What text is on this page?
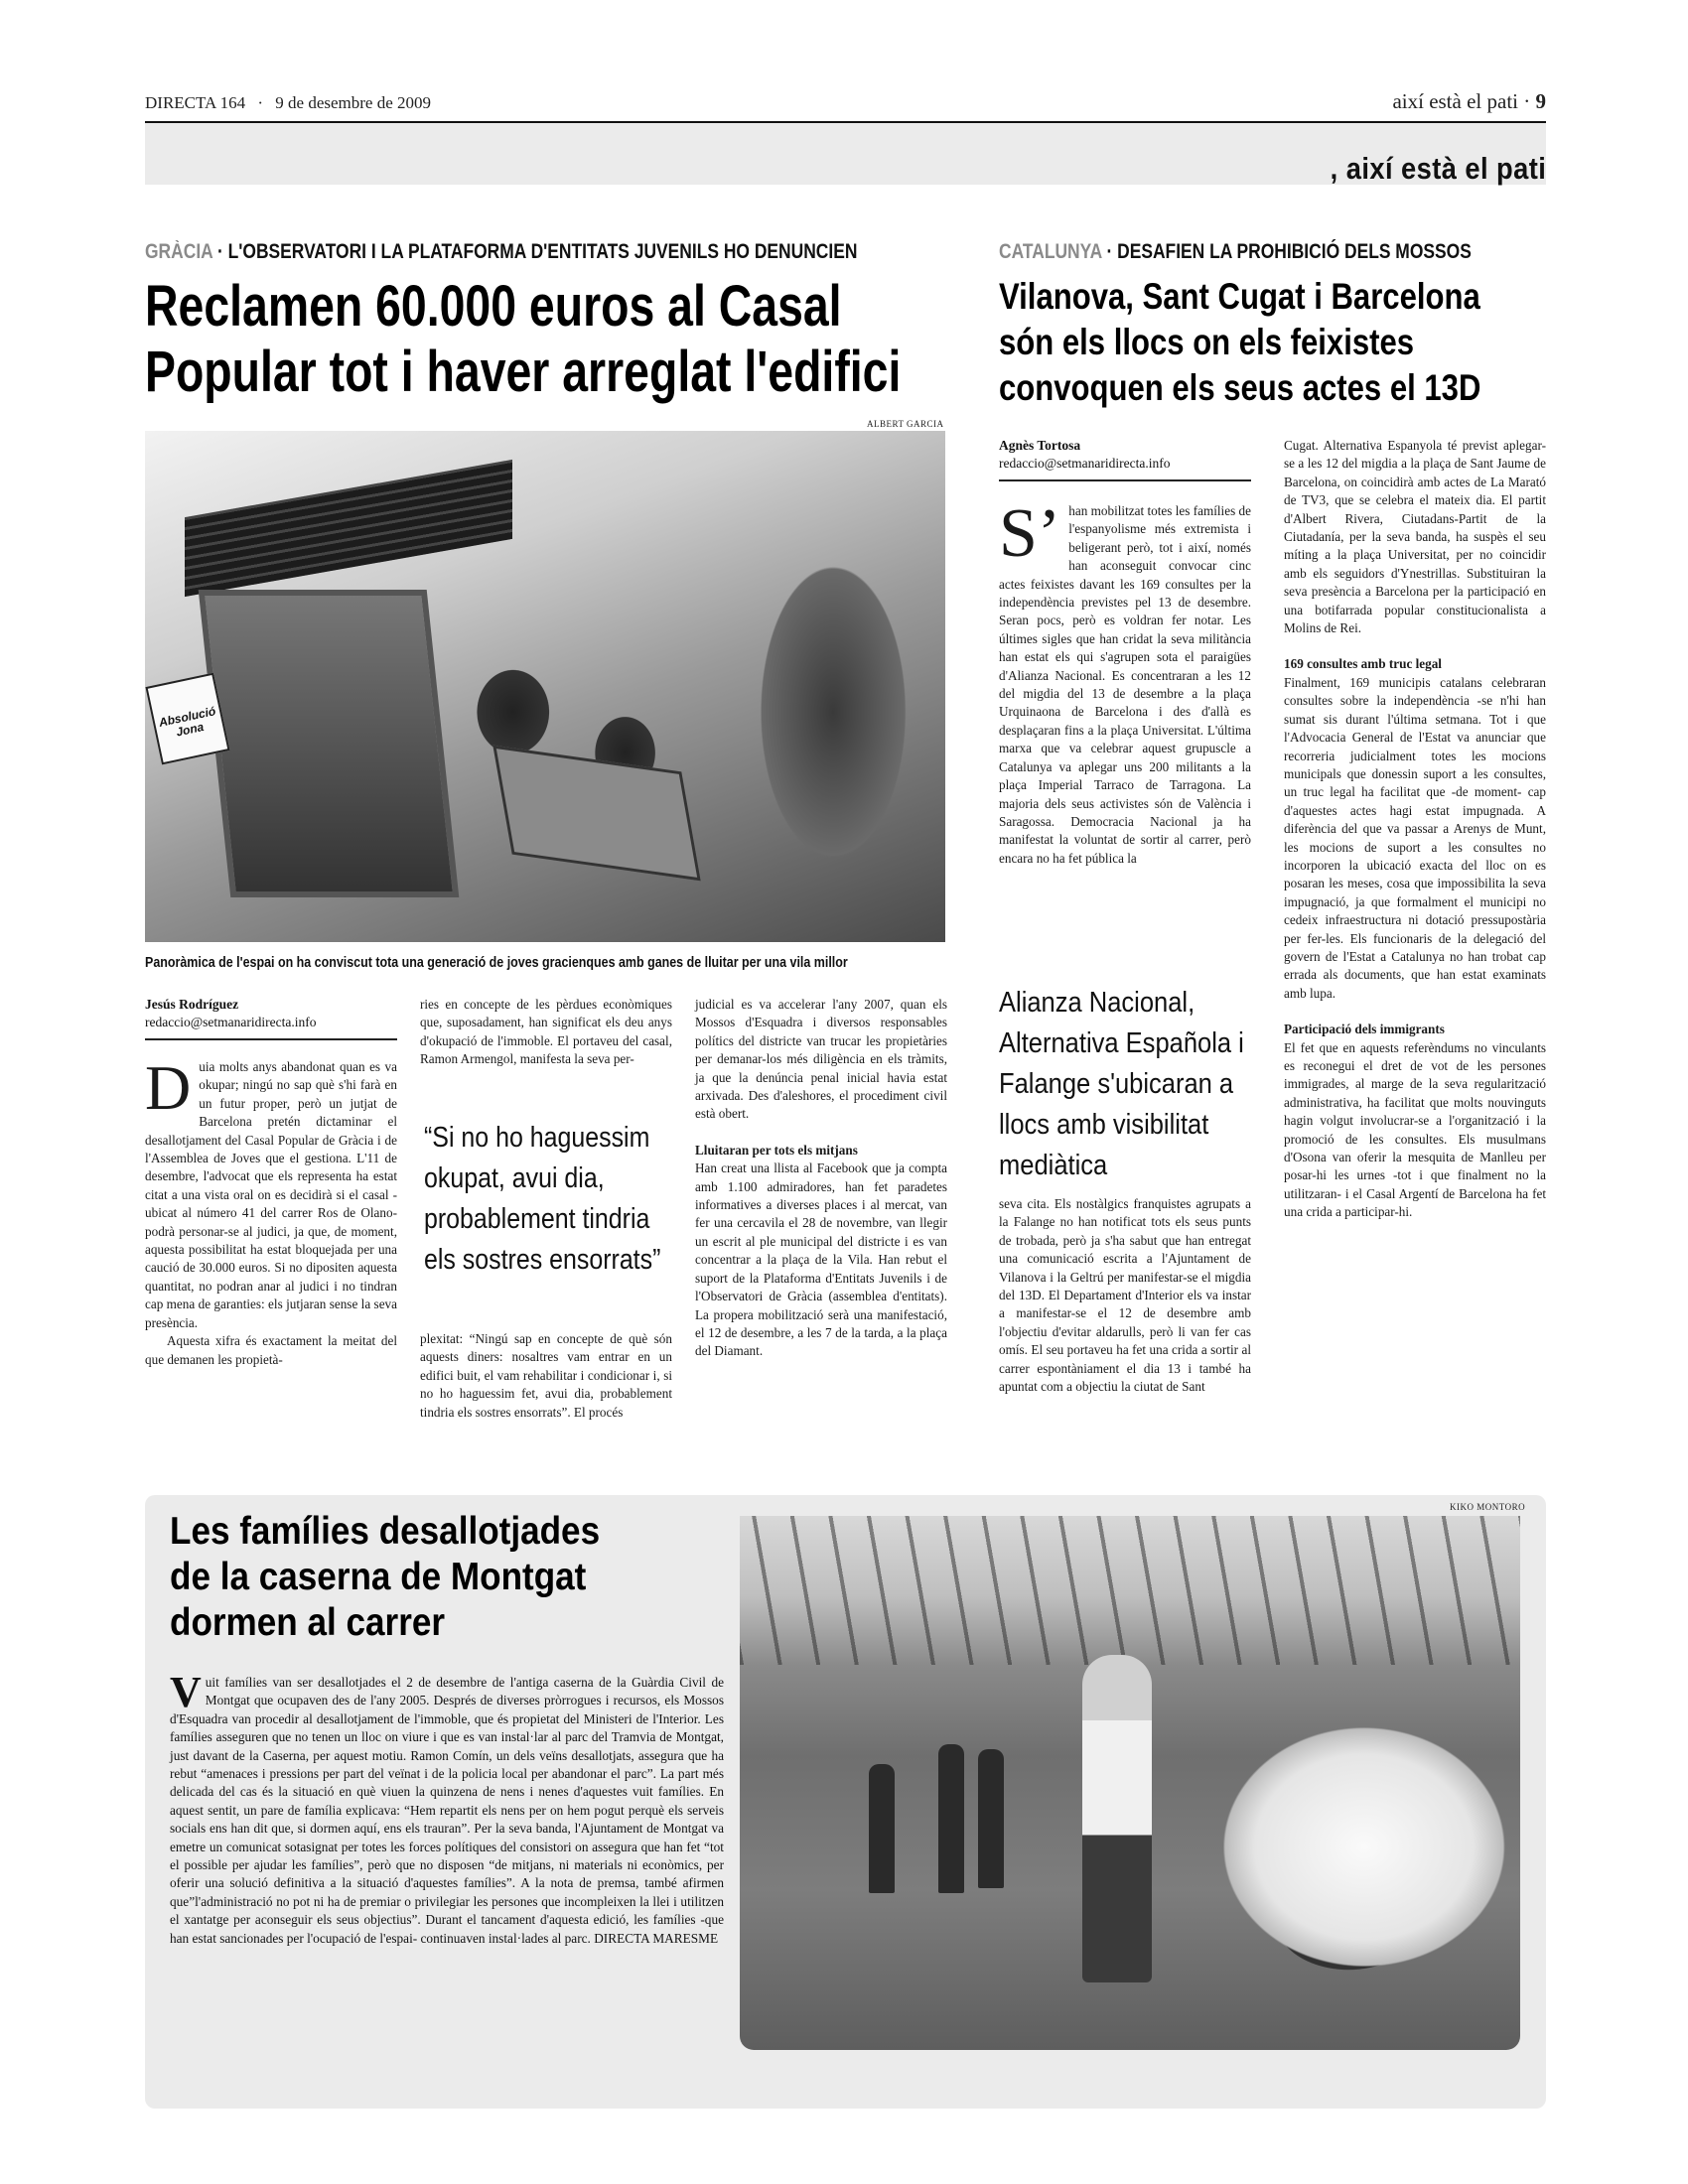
DIRECTA 164 · 9 de desembre de 2009	així està el pati · 9
, així està el pati
GRÀCIA · L'OBSERVATORI I LA PLATAFORMA D'ENTITATS JUVENILS HO DENUNCIEN
Reclamen 60.000 euros al Casal
Popular tot i haver arreglat l'edifici
ALBERT GARCIA
Absolució Jona
Panoràmica de l'espai on ha conviscut tota una generació de joves gracienques amb ganes de lluitar per una vila millor
Jesús Rodríguez
redaccio@setmanaridirecta.info

Duia molts anys abandonat quan es va okupar; ningú no sap què s'hi farà en un futur proper, però un jutjat de Barcelona pretén dictaminar el desallotjament del Casal Popular de Gràcia i de l'Assemblea de Joves que el gestiona. L'11 de desembre, l'advocat que els representa ha estat citat a una vista oral on es decidirà si el casal -ubicat al número 41 del carrer Ros de Olano- podrà personar-se al judici, ja que, de moment, aquesta possibilitat ha estat bloquejada per una caució de 30.000 euros. Si no dipositen aquesta quantitat, no podran anar al judici i no tindran cap mena de garanties: els jutjaran sense la seva presència.

Aquesta xifra és exactament la meitat del que demanen les propietà-

ries en concepte de les pèrdues econòmiques que, suposadament, han significat els deu anys d'okupació de l'immoble. El portaveu del casal, Ramon Armengol, manifesta la seva per-

“Si no ho haguessim okupat, avui dia, probablement tindria els sostres ensorrats”

plexitat: “Ningú sap en concepte de què són aquests diners: nosaltres vam entrar en un edifici buit, el vam rehabilitar i condicionar i, si no ho haguessim fet, avui dia, probablement tindria els sostres ensorrats”. El procés

judicial es va accelerar l'any 2007, quan els Mossos d'Esquadra i diversos responsables polítics del districte van trucar les propietàries per demanar-los més diligència en els tràmits, ja que la denúncia penal inicial havia estat arxivada. Des d'aleshores, el procediment civil està obert.

Lluitaran per tots els mitjans

Han creat una llista al Facebook que ja compta amb 1.100 admiradores, han fet paradetes informatives a diverses places i al mercat, van fer una cercavila el 28 de novembre, van llegir un escrit al ple municipal del districte i es van concentrar a la plaça de la Vila. Han rebut el suport de la Plataforma d'Entitats Juvenils i de l'Observatori de Gràcia (assemblea d'entitats). La propera mobilització serà una manifestació, el 12 de desembre, a les 7 de la tarda, a la plaça del Diamant.

CATALUNYA · DESAFIEN LA PROHIBICIÓ DELS MOSSOS
Vilanova, Sant Cugat i Barcelona
són els llocs on els feixistes
convoquen els seus actes el 13D
Agnès Tortosa
redaccio@setmanaridirecta.info

S’ han mobilitzat totes les famílies de l'espanyolisme més extremista i beligerant però, tot i així, només han aconseguit convocar cinc actes feixistes davant les 169 consultes per la independència previstes pel 13 de desembre. Seran pocs, però es voldran fer notar. Les últimes sigles que han cridat la seva militància han estat els qui s'agrupen sota el paraigües d'Alianza Nacional. Es concentraran a les 12 del migdia del 13 de desembre a la plaça Urquinaona de Barcelona i des d'allà es desplaçaran fins a la plaça Universitat. L'última marxa que va celebrar aquest grupuscle a Catalunya va aplegar uns 200 militants a la plaça Imperial Tarraco de Tarragona. La majoria dels seus activistes són de València i Saragossa. Democracia Nacional ja ha manifestat la voluntat de sortir al carrer, però encara no ha fet pública la

Alianza Nacional, Alternativa Española i Falange s'ubicaran a llocs amb visibilitat mediàtica

seva cita. Els nostàlgics franquistes agrupats a la Falange no han notificat tots els seus punts de trobada, però ja s'ha sabut que han entregat una comunicació escrita a l'Ajuntament de Vilanova i la Geltrú per manifestar-se el migdia del 13D. El Departament d'Interior els va instar a manifestar-se el 12 de desembre amb l'objectiu d'evitar aldarulls, però li van fer cas omís. El seu portaveu ha fet una crida a sortir al carrer espontàniament el dia 13 i també ha apuntat com a objectiu la ciutat de Sant

Cugat. Alternativa Espanyola té previst aplegar-se a les 12 del migdia a la plaça de Sant Jaume de Barcelona, on coincidirà amb actes de La Marató de TV3, que se celebra el mateix dia. El partit d'Albert Rivera, Ciutadans-Partit de la Ciutadanía, per la seva banda, ha suspès el seu míting a la plaça Universitat, per no coincidir amb els seguidors d'Ynestrillas. Substituiran la seva presència a Barcelona per la participació en una botifarrada popular constitucionalista a Molins de Rei.

169 consultes amb truc legal

Finalment, 169 municipis catalans celebraran consultes sobre la independència -se n'hi han sumat sis durant l'última setmana. Tot i que l'Advocacia General de l'Estat va anunciar que recorreria judicialment totes les mocions municipals que donessin suport a les consultes, un truc legal ha facilitat que -de moment- cap d'aquestes actes hagi estat impugnada. A diferència del que va passar a Arenys de Munt, les mocions de suport a les consultes no incorporen la ubicació exacta del lloc on es posaran les meses, cosa que impossibilita la seva impugnació, ja que formalment el municipi no cedeix infraestructura ni dotació pressupostària per fer-les. Els funcionaris de la delegació del govern de l'Estat a Catalunya no han trobat cap errada als documents, que han estat examinats amb lupa.

Participació dels immigrants

El fet que en aquests referèndums no vinculants es reconegui el dret de vot de les persones immigrades, al marge de la seva regularització administrativa, ha facilitat que molts nouvinguts hagin volgut involucrar-se a l'organització i la promoció de les consultes. Els musulmans d'Osona van oferir la mesquita de Manlleu per posar-hi les urnes -tot i que finalment no la utilitzaran- i el Casal Argentí de Barcelona ha fet una crida a participar-hi.

Les famílies desallotjades
de la caserna de Montgat
dormen al carrer
Vuit famílies van ser desallotjades el 2 de desembre de l'antiga caserna de la Guàrdia Civil de Montgat que ocupaven des de l'any 2005. Després de diverses pròrrogues i recursos, els Mossos d'Esquadra van procedir al desallotjament de l'immoble, que és propietat del Ministeri de l'Interior. Les famílies asseguren que no tenen un lloc on viure i que es van instal·lar al parc del Tramvia de Montgat, just davant de la Caserna, per aquest motiu. Ramon Comín, un dels veïns desallotjats, assegura que ha rebut “amenaces i pressions per part del veïnat i de la policia local per abandonar el parc”. La part més delicada del cas és la situació en què viuen la quinzena de nens i nenes d'aquestes vuit famílies. En aquest sentit, un pare de família explicava: “Hem repartit els nens per on hem pogut perquè els serveis socials ens han dit que, si dormen aquí, ens els trauran”. Per la seva banda, l'Ajuntament de Montgat va emetre un comunicat sotasignat per totes les forces polítiques del consistori on assegura que han fet “tot el possible per ajudar les famílies”, però que no disposen “de mitjans, ni materials ni econòmics, per oferir una solució definitiva a la situació d'aquestes famílies”. A la nota de premsa, també afirmen que”l'administració no pot ni ha de premiar o privilegiar les persones que incompleixen la llei i utilitzen el xantatge per aconseguir els seus objectius”. Durant el tancament d'aquesta edició, les famílies -que han estat sancionades per l'ocupació de l'espai- continuaven instal·lades al parc. DIRECTA MARESME
KIKO MONTORO
